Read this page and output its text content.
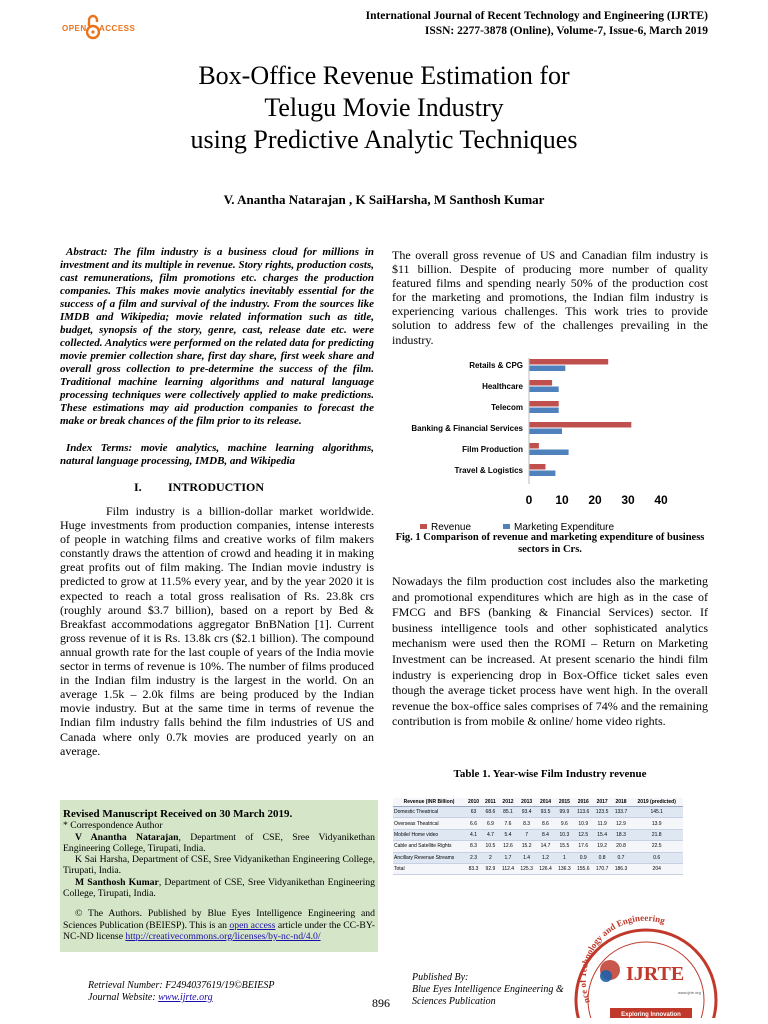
OPEN ACCESS
International Journal of Recent Technology and Engineering (IJRTE)
ISSN: 2277-3878 (Online), Volume-7, Issue-6, March 2019
Box-Office Revenue Estimation for
Telugu Movie Industry
using Predictive Analytic Techniques
V. Anantha Natarajan , K SaiHarsha, M Santhosh Kumar
Abstract: The film industry is a business cloud for millions in investment and its multiple in revenue. Story rights, production costs, cast remunerations, film promotions etc. charges the production companies. This makes movie analytics inevitably essential for the success of a film and survival of the industry. From the sources like IMDB and Wikipedia; movie related information such as title, budget, synopsis of the story, genre, cast, release date etc. were collected. Analytics were performed on the related data for predicting movie premier collection share, first day share, first week share and overall gross collection to pre-determine the success of the film. Traditional machine learning algorithms and natural language processing techniques were collectively applied to make predictions. These estimations may aid production companies to forecast the make or break chances of the film prior to its release.
Index Terms: movie analytics, machine learning algorithms, natural language processing, IMDB, and Wikipedia
I. INTRODUCTION
Film industry is a billion-dollar market worldwide. Huge investments from production companies, intense interests of people in watching films and creative works of film makers constantly draws the attention of crowd and heading it in making great profits out of film making. The Indian movie industry is predicted to grow at 11.5% every year, and by the year 2020 it is expected to reach a total gross realisation of Rs. 23.8k crs (roughly around $3.7 billion), based on a report by Bed & Breakfast accommodations aggregator BnBNation [1]. Current gross revenue of it is Rs. 13.8k crs ($2.1 billion). The compound annual growth rate for the last couple of years of the India movie sector in terms of revenue is 10%. The number of films produced in the Indian film industry is the largest in the world. On an average 1.5k – 2.0k films are being produced by the Indian movie industry. But at the same time in terms of revenue the Indian film industry falls behind the film industries of US and Canada where only 0.7k movies are produced yearly on an average.
Revised Manuscript Received on 30 March 2019.
* Correspondence Author
V Anantha Natarajan, Department of CSE, Sree Vidyanikethan Engineering College, Tirupati, India.
K Sai Harsha, Department of CSE, Sree Vidyanikethan Engineering College, Tirupati, India.
M Santhosh Kumar, Department of CSE, Sree Vidyanikethan Engineering College, Tirupati, India.
© The Authors. Published by Blue Eyes Intelligence Engineering and Sciences Publication (BEIESP). This is an open access article under the CC-BY-NC-ND license http://creativecommons.org/licenses/by-nc-nd/4.0/
The overall gross revenue of US and Canadian film industry is $11 billion. Despite of producing more number of quality featured films and spending nearly 50% of the production cost for the marketing and promotions, the Indian film industry is experiencing various challenges. This work tries to provide solution to address few of the challenges prevailing in the industry.
Retails & CPG
Healthcare
Telecom
Banking & Financial Services
Film Production
Travel & Logistics
0 10 20 30 40
Revenue	Marketing Expenditure
Fig. 1 Comparison of revenue and marketing expenditure of business sectors in Crs.
Nowadays the film production cost includes also the marketing and promotional expenditures which are high as in the case of FMCG and BFS (banking & Financial Services) sector. If business intelligence tools and other sophisticated analytics mechanism were used then the ROMI – Return on Marketing Investment can be increased. At present scenario the hindi film industry is experiencing drop in Box-Office ticket sales even though the average ticket process have went high. In the overall revenue the box-office sales comprises of 74% and the remaining contribution is from mobile & online/ home video rights.
Table 1. Year-wise Film Industry revenue
Revenue (INR Billion)	2010	2011	2012	2013	2014	2015	2016	2017	2018	2019 (predicted)
Domestic Theatrical	63	68.6	85.1	93.4	93.5	99.9	113.6	123.5	133.7	145.1
Overseas Theatrical	6.6	6.9	7.6	8.3	8.6	9.6	10.9	11.9	12.9	13.9
Mobile/ Home video	4.1	4.7	5.4	7	8.4	10.3	12.5	15.4	18.3	21.8
Cable and Satellite Rights	8.3	10.5	12.6	15.2	14.7	15.5	17.6	19.2	20.8	22.5
Ancillary Revenue Streams	2.3	2	1.7	1.4	1.2	1	0.9	0.8	0.7	0.6
Total	83.3	92.9	112.4	125.3	126.4	136.3	155.6	170.7	186.3	204
nce of Technology and Engineering
IJRTE
www.ijrte.org
Exploring Innovation
Retrieval Number: F2494037619/19©BEIESP
Journal Website: www.ijrte.org	896
Published By:
Blue Eyes Intelligence Engineering &
Sciences Publication
